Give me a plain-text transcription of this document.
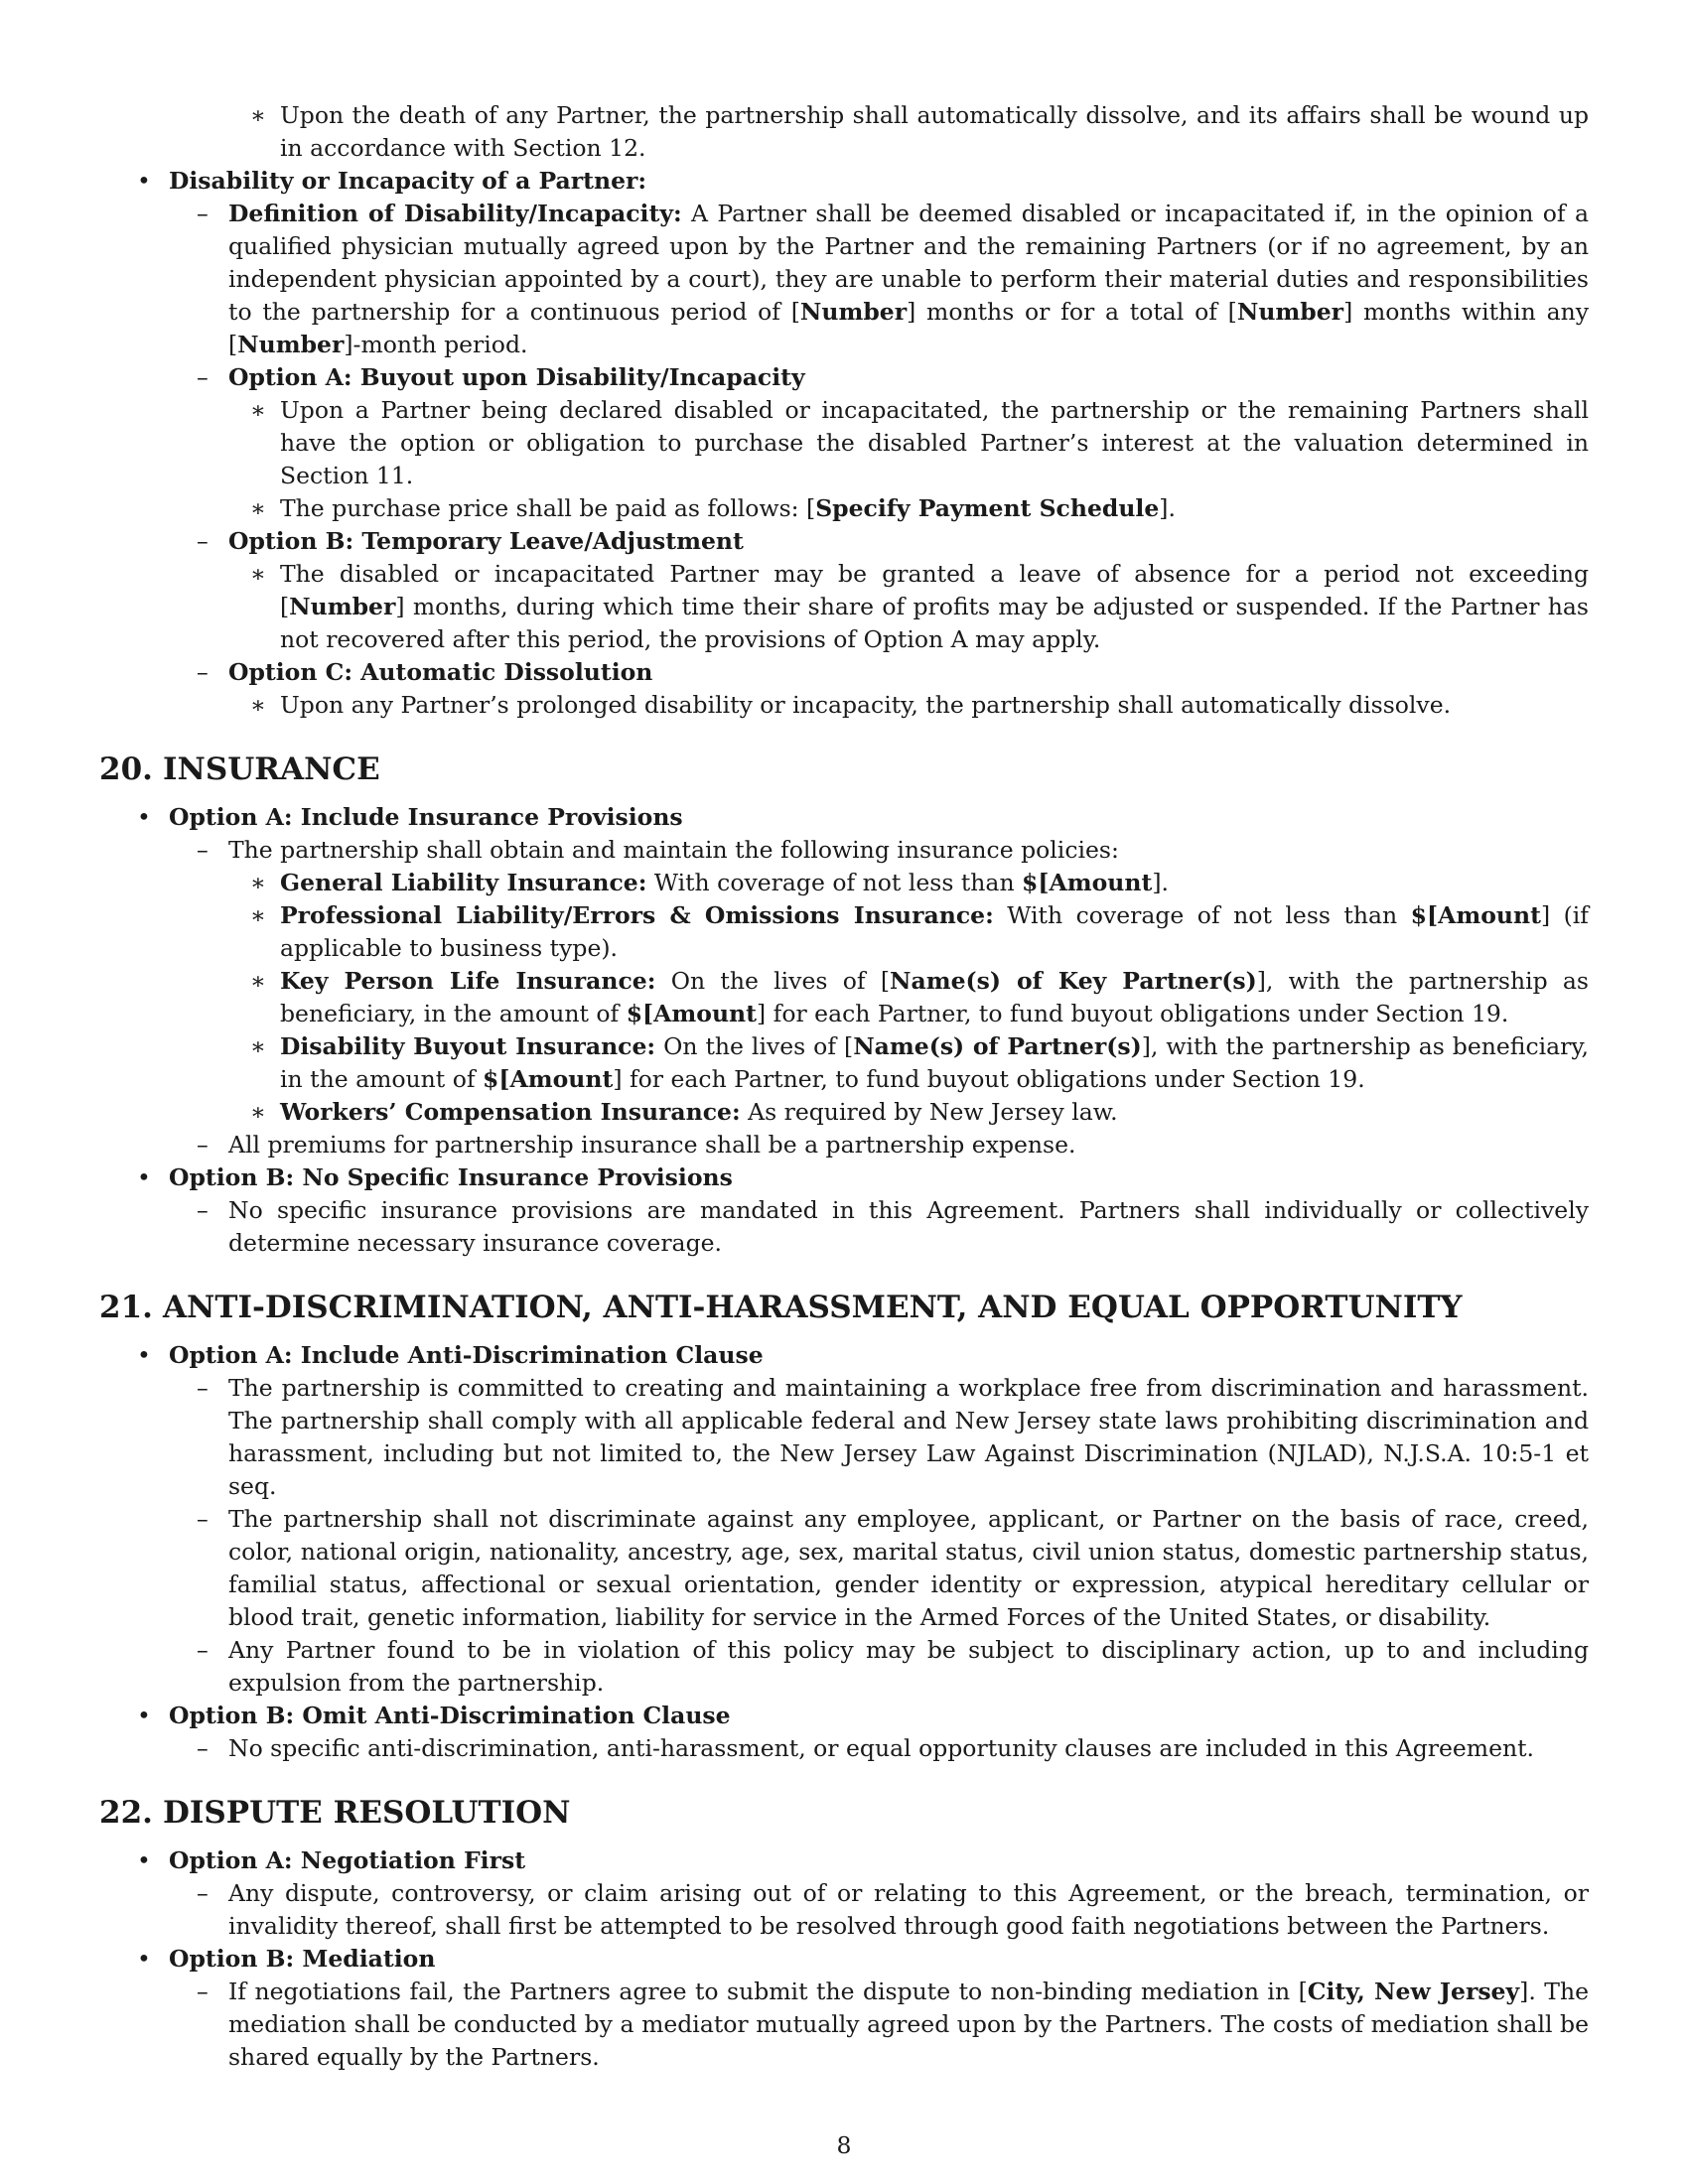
∗ Upon the death of any Partner, the partnership shall automatically dissolve, and its affairs shall be wound up in accordance with Section 12.
• Disability or Incapacity of a Partner:
– Definition of Disability/Incapacity: A Partner shall be deemed disabled or incapacitated if, in the opinion of a qualified physician mutually agreed upon by the Partner and the remaining Partners (or if no agreement, by an independent physician appointed by a court), they are unable to perform their material duties and responsibilities to the partnership for a continuous period of [Number] months or for a total of [Number] months within any [Number]-month period.
– Option A: Buyout upon Disability/Incapacity
∗ Upon a Partner being declared disabled or incapacitated, the partnership or the remaining Partners shall have the option or obligation to purchase the disabled Partner’s interest at the valuation determined in Section 11.
∗ The purchase price shall be paid as follows: [Specify Payment Schedule].
– Option B: Temporary Leave/Adjustment
∗ The disabled or incapacitated Partner may be granted a leave of absence for a period not exceeding [Number] months, during which time their share of profits may be adjusted or suspended. If the Partner has not recovered after this period, the provisions of Option A may apply.
– Option C: Automatic Dissolution
∗ Upon any Partner’s prolonged disability or incapacity, the partnership shall automatically dissolve.
20. INSURANCE
• Option A: Include Insurance Provisions
– The partnership shall obtain and maintain the following insurance policies:
∗ General Liability Insurance: With coverage of not less than $[Amount].
∗ Professional Liability/Errors & Omissions Insurance: With coverage of not less than $[Amount] (if applicable to business type).
∗ Key Person Life Insurance: On the lives of [Name(s) of Key Partner(s)], with the partnership as beneficiary, in the amount of $[Amount] for each Partner, to fund buyout obligations under Section 19.
∗ Disability Buyout Insurance: On the lives of [Name(s) of Partner(s)], with the partnership as beneficiary, in the amount of $[Amount] for each Partner, to fund buyout obligations under Section 19.
∗ Workers’ Compensation Insurance: As required by New Jersey law.
– All premiums for partnership insurance shall be a partnership expense.
• Option B: No Specific Insurance Provisions
– No specific insurance provisions are mandated in this Agreement. Partners shall individually or collectively determine necessary insurance coverage.
21. ANTI-DISCRIMINATION, ANTI-HARASSMENT, AND EQUAL OPPORTUNITY
• Option A: Include Anti-Discrimination Clause
– The partnership is committed to creating and maintaining a workplace free from discrimination and harassment. The partnership shall comply with all applicable federal and New Jersey state laws prohibiting discrimination and harassment, including but not limited to, the New Jersey Law Against Discrimination (NJLAD), N.J.S.A. 10:5-1 et seq.
– The partnership shall not discriminate against any employee, applicant, or Partner on the basis of race, creed, color, national origin, nationality, ancestry, age, sex, marital status, civil union status, domestic partnership status, familial status, affectional or sexual orientation, gender identity or expression, atypical hereditary cellular or blood trait, genetic information, liability for service in the Armed Forces of the United States, or disability.
– Any Partner found to be in violation of this policy may be subject to disciplinary action, up to and including expulsion from the partnership.
• Option B: Omit Anti-Discrimination Clause
– No specific anti-discrimination, anti-harassment, or equal opportunity clauses are included in this Agreement.
22. DISPUTE RESOLUTION
• Option A: Negotiation First
– Any dispute, controversy, or claim arising out of or relating to this Agreement, or the breach, termination, or invalidity thereof, shall first be attempted to be resolved through good faith negotiations between the Partners.
• Option B: Mediation
– If negotiations fail, the Partners agree to submit the dispute to non-binding mediation in [City, New Jersey]. The mediation shall be conducted by a mediator mutually agreed upon by the Partners. The costs of mediation shall be shared equally by the Partners.
8
